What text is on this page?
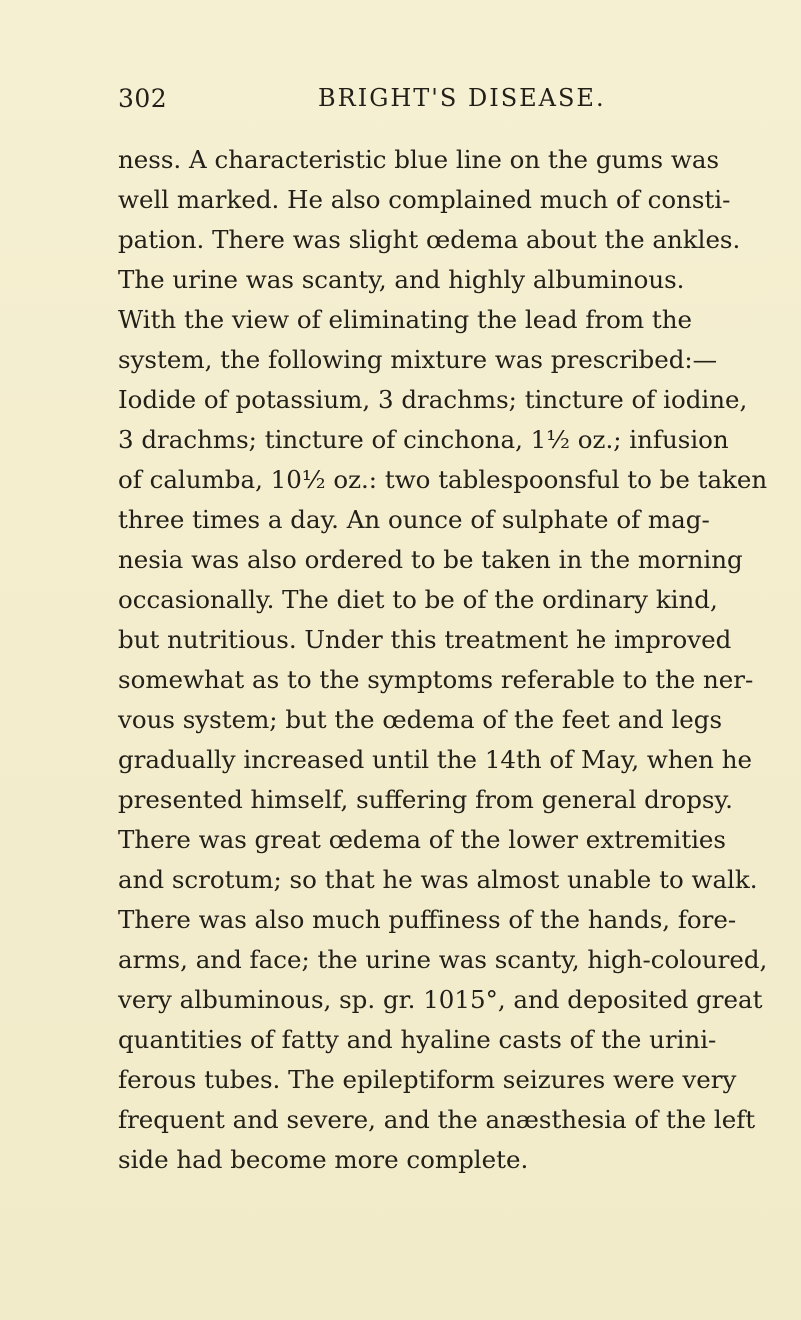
302	BRIGHT'S DISEASE.
ness. A characteristic blue line on the gums was
well marked. He also complained much of consti-
pation. There was slight œdema about the ankles.
The urine was scanty, and highly albuminous.
With the view of eliminating the lead from the
system, the following mixture was prescribed:—
Iodide of potassium, 3 drachms; tincture of iodine,
3 drachms; tincture of cinchona, 1½ oz.; infusion
of calumba, 10½ oz.: two tablespoonsful to be taken
three times a day. An ounce of sulphate of mag-
nesia was also ordered to be taken in the morning
occasionally. The diet to be of the ordinary kind,
but nutritious. Under this treatment he improved
somewhat as to the symptoms referable to the ner-
vous system; but the œdema of the feet and legs
gradually increased until the 14th of May, when he
presented himself, suffering from general dropsy.
There was great œdema of the lower extremities
and scrotum; so that he was almost unable to walk.
There was also much puffiness of the hands, fore-
arms, and face; the urine was scanty, high-coloured,
very albuminous, sp. gr. 1015°, and deposited great
quantities of fatty and hyaline casts of the urini-
ferous tubes. The epileptiform seizures were very
frequent and severe, and the anæsthesia of the left
side had become more complete.
